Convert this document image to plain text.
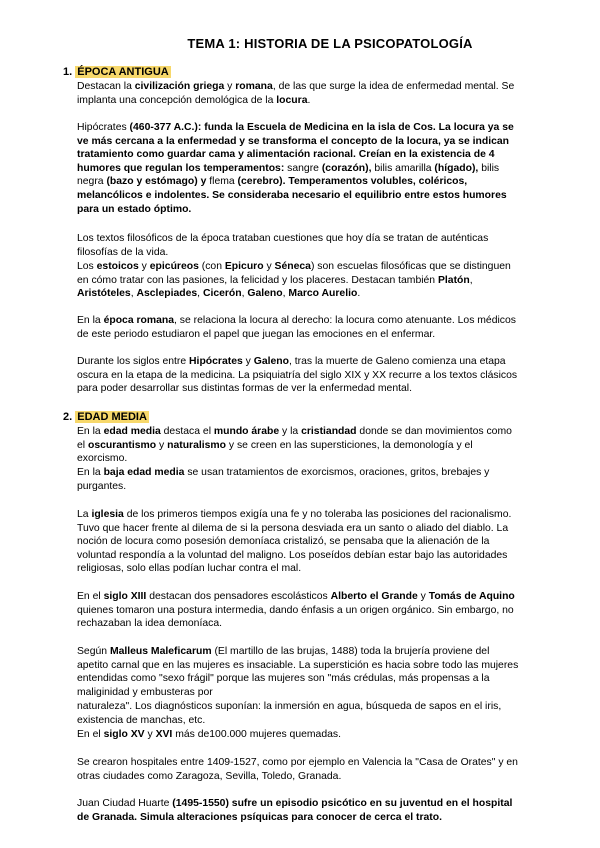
TEMA 1: HISTORIA DE LA PSICOPATOLOGÍA
1. ÉPOCA ANTIGUA

Destacan la civilización griega y romana, de las que surge la idea de enfermedad mental. Se implanta una concepción demológica de la locura.

Hipócrates (460-377 A.C.): funda la Escuela de Medicina en la isla de Cos. La locura ya se ve más cercana a la enfermedad y se transforma el concepto de la locura, ya se indican tratamiento como guardar cama y alimentación racional. Creían en la existencia de 4 humores que regulan los temperamentos: sangre (corazón), bilis amarilla (hígado), bilis negra (bazo y estómago) y flema (cerebro). Temperamentos volubles, coléricos, melancólicos e indolentes. Se consideraba necesario el equilibrio entre estos humores para un estado óptimo.

Los textos filosóficos de la época trataban cuestiones que hoy día se tratan de auténticas filosofías de la vida.

Los estoicos y epicúreos (con Epicuro y Séneca) son escuelas filosóficas que se distinguen en cómo tratar con las pasiones, la felicidad y los placeres. Destacan también Platón, Aristóteles, Asclepiades, Cicerón, Galeno, Marco Aurelio.

En la época romana, se relaciona la locura al derecho: la locura como atenuante. Los médicos de este periodo estudiaron el papel que juegan las emociones en el enfermar.

Durante los siglos entre Hipócrates y Galeno, tras la muerte de Galeno comienza una etapa oscura en la etapa de la medicina. La psiquiatría del siglo XIX y XX recurre a los textos clásicos para poder desarrollar sus distintas formas de ver la enfermedad mental.

2. EDAD MEDIA

En la edad media destaca el mundo árabe y la cristiandad donde se dan movimientos como el oscurantismo y naturalismo y se creen en las supersticiones, la demonología y el exorcismo.

En la baja edad media se usan tratamientos de exorcismos, oraciones, gritos, brebajes y purgantes.

La iglesia de los primeros tiempos exigía una fe y no toleraba las posiciones del racionalismo. Tuvo que hacer frente al dilema de si la persona desviada era un santo o aliado del diablo. La noción de locura como posesión demoníaca cristalizó, se pensaba que la alienación de la voluntad respondía a la voluntad del maligno. Los poseídos debían estar bajo las autoridades religiosas, solo ellas podían luchar contra el mal.

En el siglo XIII destacan dos pensadores escolásticos Alberto el Grande y Tomás de Aquino quienes tomaron una postura intermedia, dando énfasis a un origen orgánico. Sin embargo, no rechazaban la idea demoníaca.

Según Malleus Maleficarum (El martillo de las brujas, 1488) toda la brujería proviene del apetito carnal que en las mujeres es insaciable. La superstición es hacia sobre todo las mujeres entendidas como "sexo frágil" porque las mujeres son "más crédulas, más propensas a la maliginidad y embusteras por

naturaleza". Los diagnósticos suponían: la inmersión en agua, búsqueda de sapos en el iris, existencia de manchas, etc.

En el siglo XV y XVI más de100.000 mujeres quemadas.

Se crearon hospitales entre 1409-1527, como por ejemplo en Valencia la "Casa de Orates" y en otras ciudades como Zaragoza, Sevilla, Toledo, Granada.

Juan Ciudad Huarte (1495-1550) sufre un episodio psicótico en su juventud en el hospital de Granada. Simula alteraciones psíquicas para conocer de cerca el trato.
